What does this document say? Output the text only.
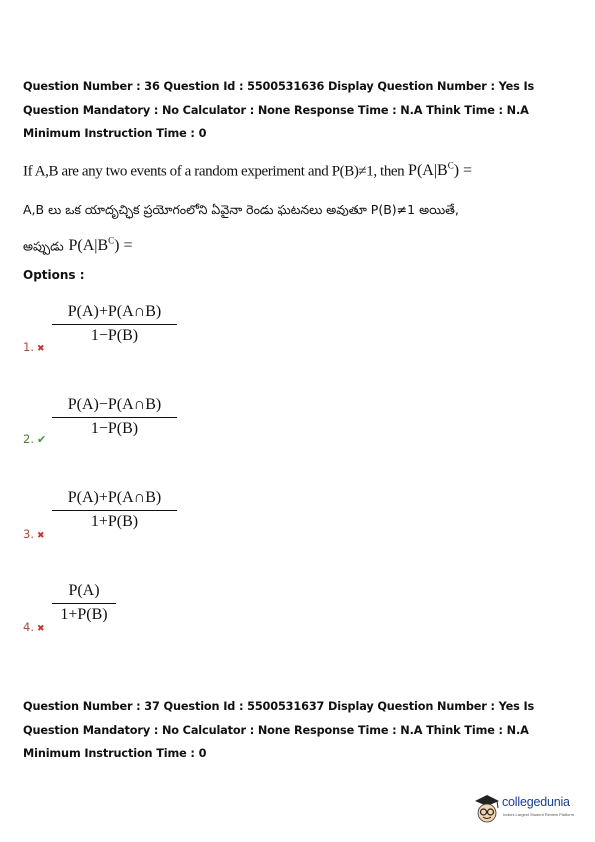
Question Number : 36 Question Id : 5500531636 Display Question Number : Yes Is Question Mandatory : No Calculator : None Response Time : N.A Think Time : N.A Minimum Instruction Time : 0
If A,B are any two events of a random experiment and P(B)≠1, then $P(A|B^C)$ =
A,B లు ఒక యాదృచ్ఛిక ప్రయోగంలోని ఏవైనా రెండు ఘటనలు అవుతూ P(B)≠1 అయితే,
అప్పుడు $P(A|B^C)$ =
Options :
$\frac{P(A)+P(A\cap B)}{1-P(B)}$
1. ✖
$\frac{P(A)-P(A\cap B)}{1-P(B)}$
2. ✔
$\frac{P(A)+P(A\cap B)}{1+P(B)}$
3. ✖
$\frac{P(A)}{1+P(B)}$
4. ✖
Question Number : 37 Question Id : 5500531637 Display Question Number : Yes Is Question Mandatory : No Calculator : None Response Time : N.A Think Time : N.A Minimum Instruction Time : 0
collegedunia
India's Largest Student Review Platform
